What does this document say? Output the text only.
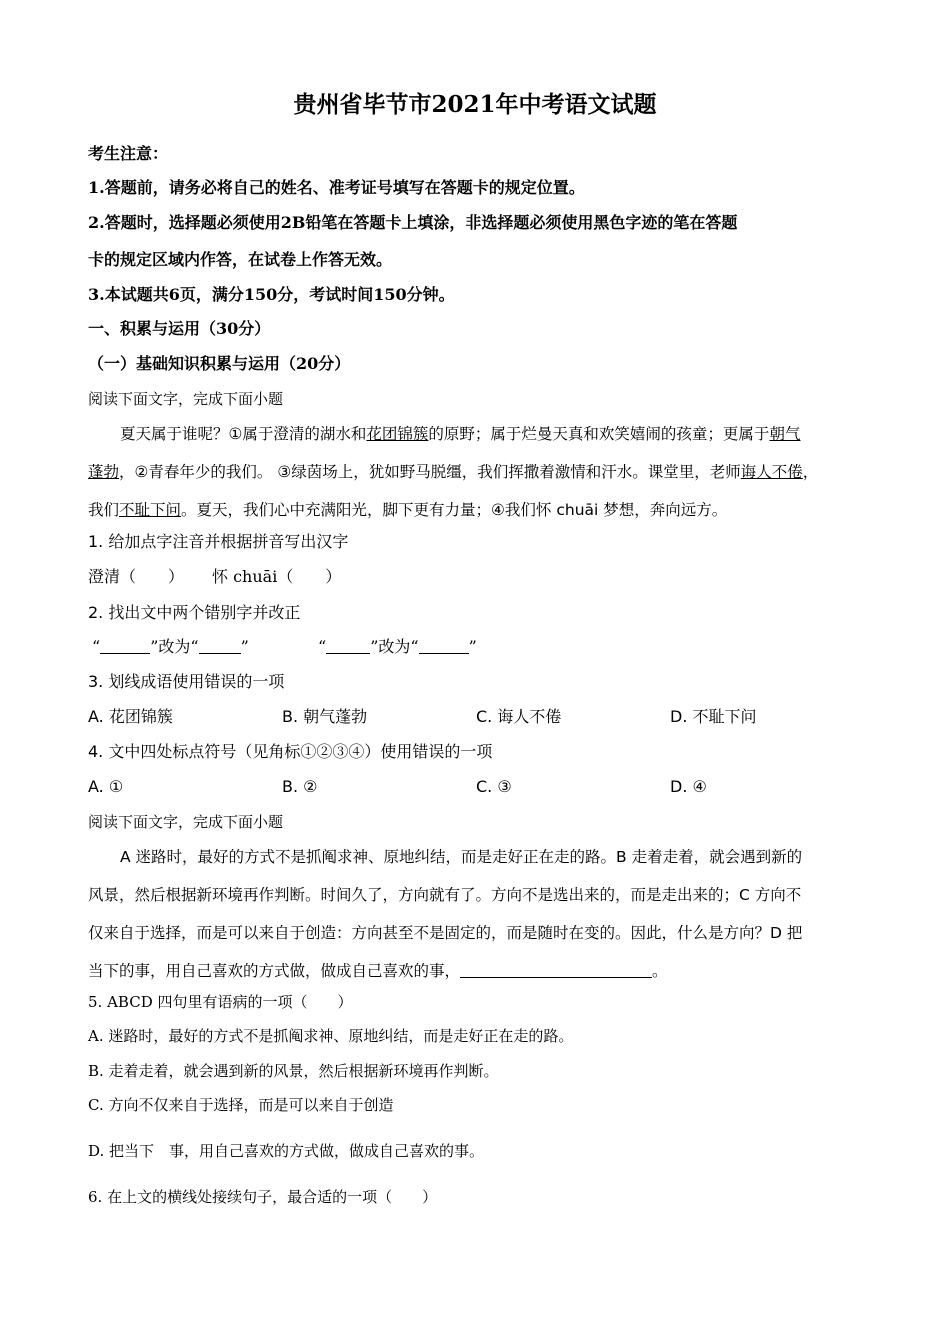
贵州省毕节市2021年中考语文试题
考生注意：
1.答题前，请务必将自己的姓名、准考证号填写在答题卡的规定位置。
2.答题时，选择题必须使用2B铅笔在答题卡上填涂，非选择题必须使用黑色字迹的笔在答题
卡的规定区域内作答，在试卷上作答无效。
3.本试题共6页，满分150分，考试时间150分钟。
一、积累与运用（30分）
（一）基础知识积累与运用（20分）
阅读下面文字，完成下面小题
夏天属于谁呢？①属于澄清的湖水和花团锦簇的原野；属于烂曼天真和欢笑嬉闹的孩童；更属于朝气
蓬勃，②青春年少的我们。 ③绿茵场上，犹如野马脱缰，我们挥撒着激情和汗水。课堂里，老师诲人不倦，
我们不耻下问。夏天，我们心中充满阳光，脚下更有力量；④我们怀 chuāi 梦想，奔向远方。
1. 给加点字注音并根据拼音写出汉字
澄清（　　） 怀 chuāi（　　）
2. 找出文中两个错别字并改正
“	”改为“	”	“	”改为“	”
3. 划线成语使用错误的一项
A. 花团锦簇	B. 朝气蓬勃	C. 诲人不倦	D. 不耻下问
4. 文中四处标点符号（见角标①②③④）使用错误的一项
A. ①	B. ②	C. ③	D. ④
阅读下面文字，完成下面小题
A 迷路时，最好的方式不是抓阄求神、原地纠结，而是走好正在走的路。B 走着走着，就会遇到新的
风景，然后根据新环境再作判断。时间久了，方向就有了。方向不是选出来的，而是走出来的；C 方向不
仅来自于选择，而是可以来自于创造：方向甚至不是固定的，而是随时在变的。因此，什么是方向？D 把
当下的事，用自己喜欢的方式做，做成自己喜欢的事，	。
5. ABCD 四句里有语病的一项（　　）
A. 迷路时，最好的方式不是抓阄求神、原地纠结，而是走好正在走的路。
B. 走着走着，就会遇到新的风景，然后根据新环境再作判断。
C. 方向不仅来自于选择，而是可以来自于创造
D. 把当下　事，用自己喜欢的方式做，做成自己喜欢的事。
6. 在上文的横线处接续句子，最合适的一项（　　）
